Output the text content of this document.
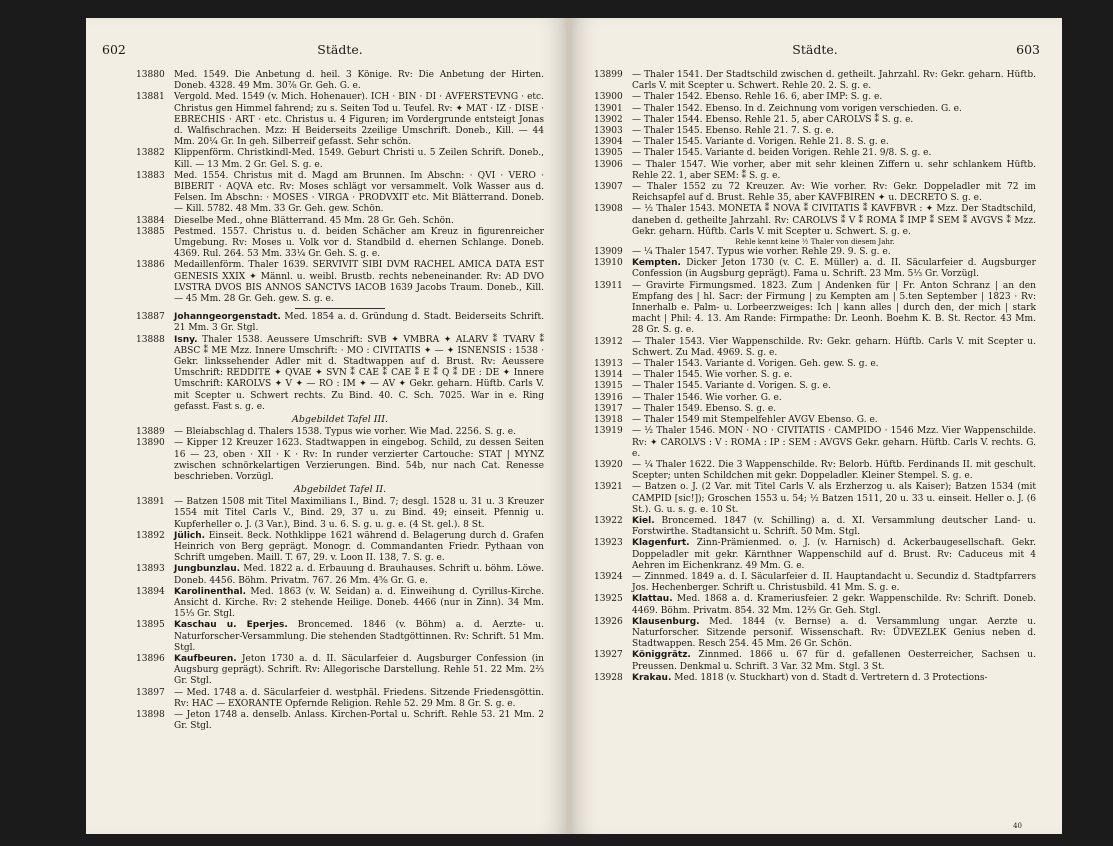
602	Städte.

13880 Med. 1549. Die Anbetung d. heil. 3 Könige. Rv: Die Anbetung der Hirten. Doneb. 4328. 49 Mm. 30⅞ Gr. Geh. G. e.

13881 Vergold. Med. 1549 (v. Mich. Hohenauer). ICH · BIN · DI · AVFERSTEVNG · etc. Christus gen Himmel fahrend; zu s. Seiten Tod u. Teufel. Rv: ✦ MAT · IZ · DISE · EBRECHIS · ART · etc. Christus u. 4 Figuren; im Vordergrunde entsteigt Jonas d. Walfischrachen. Mzz: ℍ Beiderseits 2zeilige Umschrift. Doneb., Kill. — 44 Mm. 20¼ Gr. In geh. Silberreif gefasst. Sehr schön.

13882 Klippenförm. Christkindl-Med. 1549. Geburt Christi u. 5 Zeilen Schrift. Doneb., Kill. — 13 Mm. 2 Gr. Gel. S. g. e.

13883 Med. 1554. Christus mit d. Magd am Brunnen. Im Abschn: · QVI · VERO · BIBERIT · AQVA etc. Rv: Moses schlägt vor versammelt. Volk Wasser aus d. Felsen. Im Abschn: · MOSES · VIRGA · PRODVXIT etc. Mit Blätterrand. Doneb. — Kill. 5782. 48 Mm. 33 Gr. Geh. gew. Schön.

13884 Dieselbe Med., ohne Blätterrand. 45 Mm. 28 Gr. Geh. Schön.

13885 Pestmed. 1557. Christus u. d. beiden Schächer am Kreuz in figurenreicher Umgebung. Rv: Moses u. Volk vor d. Standbild d. ehernen Schlange. Doneb. 4369. Rul. 264. 53 Mm. 33¼ Gr. Geh. S. g. e.

13886 Medaillenförm. Thaler 1639. SERVIVIT SIBI DVM RACHEL AMICA DATA EST GENESIS XXIX ✦ Männl. u. weibl. Brustb. rechts nebeneinander. Rv: AD DVO LVSTRA DVOS BIS ANNOS SANCTVS IACOB 1639 Jacobs Traum. Doneb., Kill. — 45 Mm. 28 Gr. Geh. gew. S. g. e.

13887 Johanngeorgenstadt. Med. 1854 a. d. Gründung d. Stadt. Beiderseits Schrift. 21 Mm. 3 Gr. Stgl.

13888 Isny. Thaler 1538. Aeussere Umschrift: SVB ✦ VMBRA ✦ ALARV ⁑ TVARV ⁑ ABSC ⁑ ME Mzz. Innere Umschrift: · MO : CIVITATIS ✦ — ✦ ISNENSIS : 1538 · Gekr. linkssehender Adler mit d. Stadtwappen auf d. Brust. Rv: Aeussere Umschrift: REDDITE ✦ QVAE ✦ SVN ⁑ CAE ⁑ CAE ⁑ E ⁑ Q ⁑ DE : DE ✦ Innere Umschrift: KAROLVS ✦ V ✦ — RO : IM ✦ — AV ✦ Gekr. geharn. Hüftb. Carls V. mit Scepter u. Schwert rechts. Zu Bind. 40. C. Sch. 7025. War in e. Ring gefasst. Fast s. g. e.

Abgebildet Tafel III.

13889 — Bleiabschlag d. Thalers 1538. Typus wie vorher. Wie Mad. 2256. S. g. e.

13890 — Kipper 12 Kreuzer 1623. Stadtwappen in eingebog. Schild, zu dessen Seiten 16 — 23, oben · XII · K · Rv: In runder verzierter Cartouche: STAT | MYNZ zwischen schnörkelartigen Verzierungen. Bind. 54b, nur nach Cat. Renesse beschrieben. Vorzügl.

Abgebildet Tafel II.

13891 — Batzen 1508 mit Titel Maximilians I., Bind. 7; desgl. 1528 u. 31 u. 3 Kreuzer 1554 mit Titel Carls V., Bind. 29, 37 u. zu Bind. 49; einseit. Pfennig u. Kupferheller o. J. (3 Var.), Bind. 3 u. 6. S. g. u. g. e. (4 St. gel.). 8 St.

13892 Jülich. Einseit. 8eck. Nothklippe 1621 während d. Belagerung durch d. Grafen Heinrich von Berg geprägt. Monogr. d. Commandanten Friedr. Pythaan von Schrift umgeben. Maill. T. 67, 29. v. Loon II. 138, 7. S. g. e.

13893 Jungbunzlau. Med. 1822 a. d. Erbauung d. Brauhauses. Schrift u. böhm. Löwe. Doneb. 4456. Böhm. Privatm. 767. 26 Mm. 4⅝ Gr. G. e.

13894 Karolinenthal. Med. 1863 (v. W. Seidan) a. d. Einweihung d. Cyrillus-Kirche. Ansicht d. Kirche. Rv: 2 stehende Heilige. Doneb. 4466 (nur in Zinn). 34 Mm. 15⅓ Gr. Stgl.

13895 Kaschau u. Eperjes. Broncemed. 1846 (v. Böhm) a. d. Aerzte- u. Naturforscher-Versammlung. Die stehenden Stadtgöttinnen. Rv: Schrift. 51 Mm. Stgl.

13896 Kaufbeuren. Jeton 1730 a. d. II. Säcularfeier d. Augsburger Confession (in Augsburg geprägt). Schrift. Rv: Allegorische Darstellung. Rehle 51. 22 Mm. 2⅔ Gr. Stgl.

13897 — Med. 1748 a. d. Säcularfeier d. westphäl. Friedens. Sitzende Friedensgöttin. Rv: HAC — EXORANTE Opfernde Religion. Rehle 52. 29 Mm. 8 Gr. S. g. e.

13898 — Jeton 1748 a. denselb. Anlass. Kirchen-Portal u. Schrift. Rehle 53. 21 Mm. 2 Gr. Stgl.

Städte.	603

13899 — Thaler 1541. Der Stadtschild zwischen d. getheilt. Jahrzahl. Rv: Gekr. geharn. Hüftb. Carls V. mit Scepter u. Schwert. Rehle 20. 2. S. g. e.

13900 — Thaler 1542. Ebenso. Rehle 16. 6, aber IMP: S. g. e.

13901 — Thaler 1542. Ebenso. In d. Zeichnung vom vorigen verschieden. G. e.

13902 — Thaler 1544. Ebenso. Rehle 21. 5, aber CAROLVS ⁑ S. g. e.

13903 — Thaler 1545. Ebenso. Rehle 21. 7. S. g. e.

13904 — Thaler 1545. Variante d. Vorigen. Rehle 21. 8. S. g. e.

13905 — Thaler 1545. Variante d. beiden Vorigen. Rehle 21. 9/8. S. g. e.

13906 — Thaler 1547. Wie vorher, aber mit sehr kleinen Ziffern u. sehr schlankem Hüftb. Rehle 22. 1, aber SEM: ⁑ S. g. e.

13907 — Thaler 1552 zu 72 Kreuzer. Av: Wie vorher. Rv: Gekr. Doppeladler mit 72 im Reichsapfel auf d. Brust. Rehle 35, aber KAVFBIREN ✦ u. DECRETO S. g. e.

13908 — ½ Thaler 1543. MONETA ⁑ NOVA ⁑ CIVITATIS ⁑ KAVFBVR : ✦ Mzz. Der Stadtschild, daneben d. getheilte Jahrzahl. Rv: CAROLVS ⁑ V ⁑ ROMA ⁑ IMP ⁑ SEM ⁑ AVGVS ⁑ Mzz. Gekr. geharn. Hüftb. Carls V. mit Scepter u. Schwert. S. g. e.

Rehle kennt keine ½ Thaler von diesem Jahr.

13909 — ¼ Thaler 1547. Typus wie vorher. Rehle 29. 9. S. g. e.

13910 Kempten. Dicker Jeton 1730 (v. C. E. Müller) a. d. II. Säcularfeier d. Augsburger Confession (in Augsburg geprägt). Fama u. Schrift. 23 Mm. 5⅓ Gr. Vorzügl.

13911 — Gravirte Firmungsmed. 1823. Zum | Andenken für | Fr. Anton Schranz | an den Empfang des | hl. Sacr: der Firmung | zu Kempten am | 5.ten September | 1823 · Rv: Innerhalb e. Palm- u. Lorbeerzweiges: Ich | kann alles | durch den, der mich | stark macht | Phil: 4. 13. Am Rande: Firmpathe: Dr. Leonh. Boehm K. B. St. Rector. 43 Mm. 28 Gr. S. g. e.

13912 — Thaler 1543. Vier Wappenschilde. Rv: Gekr. geharn. Hüftb. Carls V. mit Scepter u. Schwert. Zu Mad. 4969. S. g. e.

13913 — Thaler 1543. Variante d. Vorigen. Geh. gew. S. g. e.

13914 — Thaler 1545. Wie vorher. S. g. e.

13915 — Thaler 1545. Variante d. Vorigen. S. g. e.

13916 — Thaler 1546. Wie vorher. G. e.

13917 — Thaler 1549. Ebenso. S. g. e.

13918 — Thaler 1549 mit Stempelfehler AVGV Ebenso. G. e.

13919 — ½ Thaler 1546. MON · NO · CIVITATIS · CAMPIDO · 1546 Mzz. Vier Wappenschilde. Rv: ✦ CAROLVS : V : ROMA : IP : SEM : AVGVS Gekr. geharn. Hüftb. Carls V. rechts. G. e.

13920 — ¼ Thaler 1622. Die 3 Wappenschilde. Rv: Belorb. Hüftb. Ferdinands II. mit geschult. Scepter; unten Schildchen mit gekr. Doppeladler. Kleiner Stempel. S. g. e.

13921 — Batzen o. J. (2 Var. mit Titel Carls V. als Erzherzog u. als Kaiser); Batzen 1534 (mit CAMPID [sic!]); Groschen 1553 u. 54; ½ Batzen 1511, 20 u. 33 u. einseit. Heller o. J. (6 St.). G. u. s. g. e. 10 St.

13922 Kiel. Broncemed. 1847 (v. Schilling) a. d. XI. Versammlung deutscher Land- u. Forstwirthe. Stadtansicht u. Schrift. 50 Mm. Stgl.

13923 Klagenfurt. Zinn-Prämienmed. o. J. (v. Harnisch) d. Ackerbaugesellschaft. Gekr. Doppeladler mit gekr. Kärnthner Wappenschild auf d. Brust. Rv: Caduceus mit 4 Aehren im Eichenkranz. 49 Mm. G. e.

13924 — Zinnmed. 1849 a. d. I. Säcularfeier d. II. Hauptandacht u. Secundiz d. Stadtpfarrers Jos. Hechenberger. Schrift u. Christusbild. 41 Mm. S. g. e.

13925 Klattau. Med. 1868 a. d. Krameriusfeier. 2 gekr. Wappenschilde. Rv: Schrift. Doneb. 4469. Böhm. Privatm. 854. 32 Mm. 12⅔ Gr. Geh. Stgl.

13926 Klausenburg. Med. 1844 (v. Bernse) a. d. Versammlung ungar. Aerzte u. Naturforscher. Sitzende personif. Wissenschaft. Rv: ÜDVEZLEK Genius neben d. Stadtwappen. Resch 254. 45 Mm. 26 Gr. Schön.

13927 Königgrätz. Zinnmed. 1866 u. 67 für d. gefallenen Oesterreicher, Sachsen u. Preussen. Denkmal u. Schrift. 3 Var. 32 Mm. Stgl. 3 St.

13928 Krakau. Med. 1818 (v. Stuckhart) von d. Stadt d. Vertretern d. 3 Protections-

40
